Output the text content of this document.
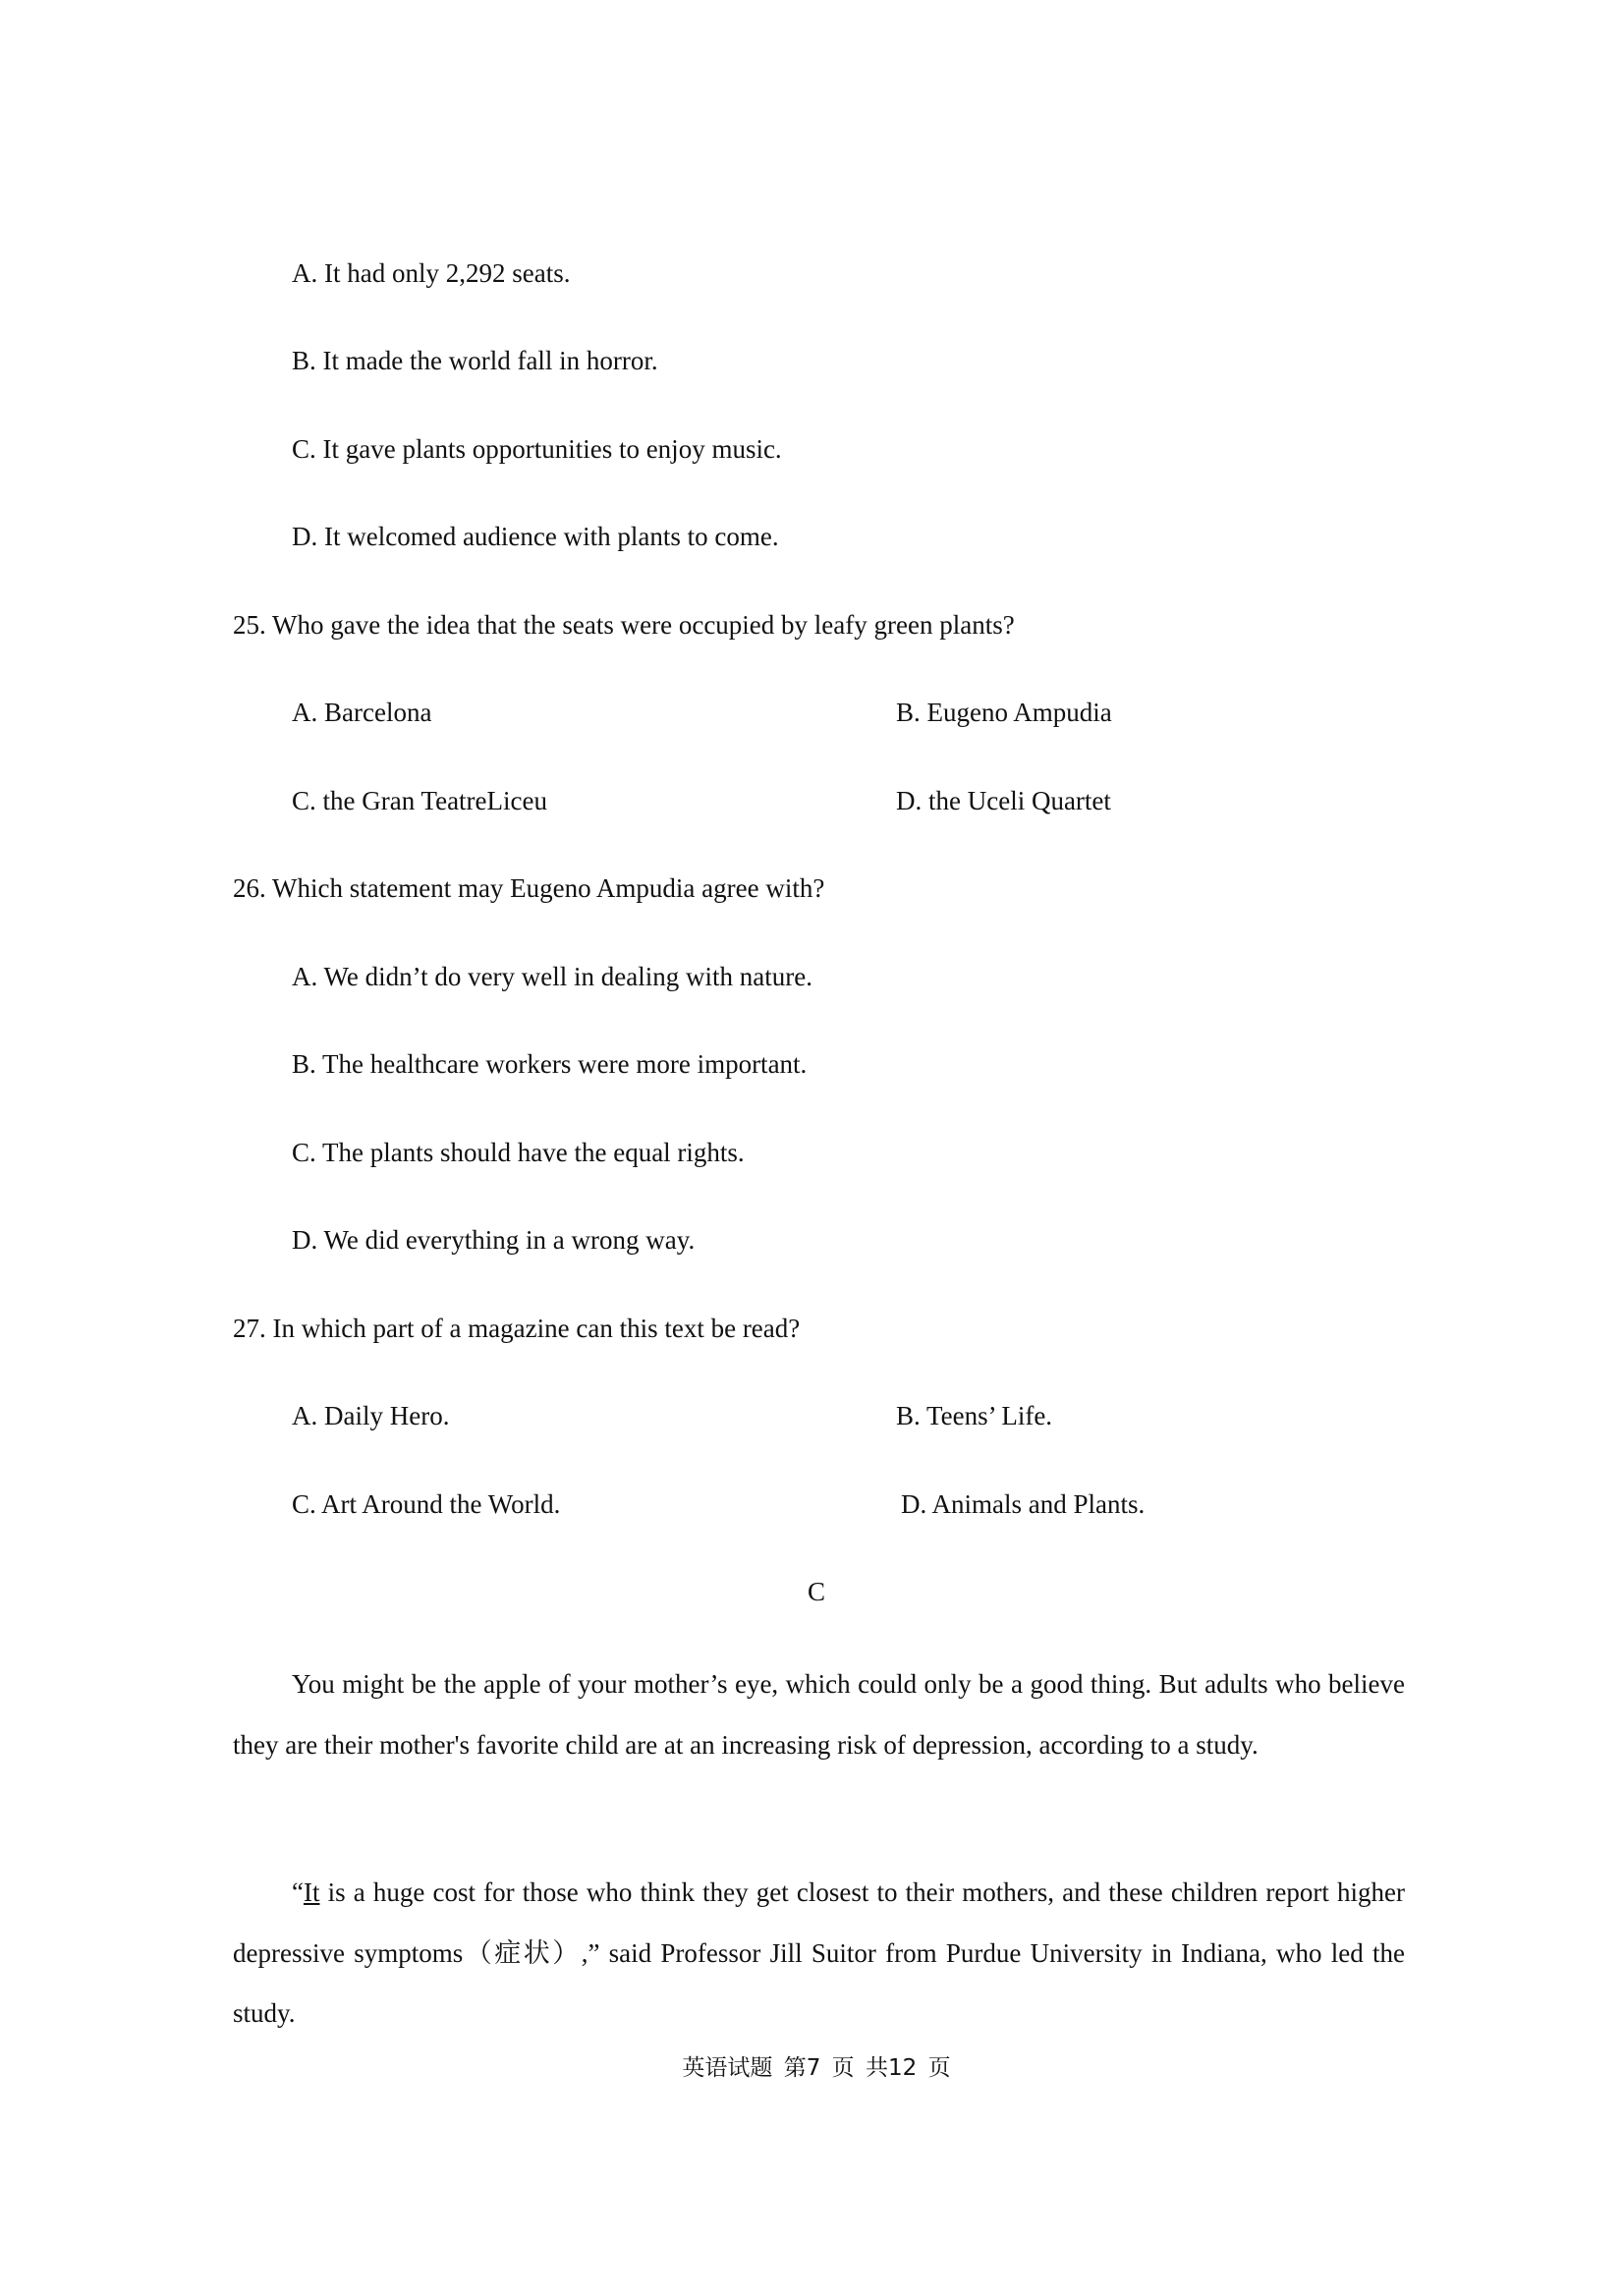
A. It had only 2,292 seats.
B. It made the world fall in horror.
C. It gave plants opportunities to enjoy music.
D. It welcomed audience with plants to come.
25. Who gave the idea that the seats were occupied by leafy green plants?
A. Barcelona	B. Eugeno Ampudia
C. the Gran TeatreLiceu	D. the Uceli Quartet
26. Which statement may Eugeno Ampudia agree with?
A. We didn’t do very well in dealing with nature.
B. The healthcare workers were more important.
C. The plants should have the equal rights.
D. We did everything in a wrong way.
27. In which part of a magazine can this text be read?
A. Daily Hero.	B. Teens’ Life.
C. Art Around the World.	D. Animals and Plants.
C
You might be the apple of your mother’s eye, which could only be a good thing. But adults who believe they are their mother's favorite child are at an increasing risk of depression, according to a study.
“It is a huge cost for those who think they get closest to their mothers, and these children report higher depressive symptoms（症状）,” said Professor Jill Suitor from Purdue University in Indiana, who led the study.
英语试题 第7 页 共12 页
